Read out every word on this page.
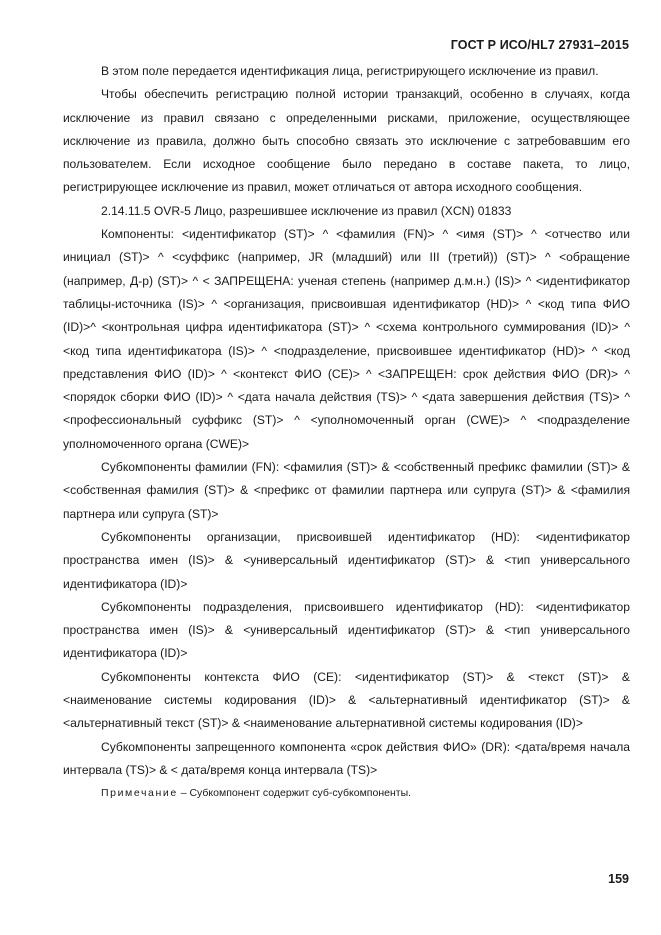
ГОСТ Р ИСО/HL7 27931–2015

В этом поле передается идентификация лица, регистрирующего исключение из правил.

Чтобы обеспечить регистрацию полной истории транзакций, особенно в случаях, когда исключение из правил связано с определенными рисками, приложение, осуществляющее исключение из правила, должно быть способно связать это исключение с затребовавшим его пользователем. Если исходное сообщение было передано в составе пакета, то лицо, регистрирующее исключение из правил, может отличаться от автора исходного сообщения.

2.14.11.5 OVR-5 Лицо, разрешившее исключение из правил (XCN) 01833

Компоненты: <идентификатор (ST)> ^ <фамилия (FN)> ^ <имя (ST)> ^ <отчество или инициал (ST)> ^ <суффикс (например, JR (младший) или III (третий)) (ST)> ^ <обращение (например, Д-р) (ST)> ^ < ЗАПРЕЩЕНА: ученая степень (например д.м.н.) (IS)> ^ <идентификатор таблицы-источника (IS)> ^ <организация, присвоившая идентификатор (HD)> ^ <код типа ФИО (ID)>^ <контрольная цифра идентификатора (ST)> ^ <схема контрольного суммирования (ID)> ^ <код типа идентификатора (IS)> ^ <подразделение, присвоившее идентификатор (HD)> ^ <код представления ФИО (ID)> ^ <контекст ФИО (CE)> ^ <ЗАПРЕЩЕН: срок действия ФИО (DR)> ^ <порядок сборки ФИО (ID)> ^ <дата начала действия (TS)> ^ <дата завершения действия (TS)> ^ <профессиональный суффикс (ST)> ^ <уполномоченный орган (CWE)> ^ <подразделение уполномоченного органа (CWE)>

Субкомпоненты фамилии (FN): <фамилия (ST)> & <собственный префикс фамилии (ST)> & <собственная фамилия (ST)> & <префикс от фамилии партнера или супруга (ST)> & <фамилия партнера или супруга (ST)>

Субкомпоненты организации, присвоившей идентификатор (HD): <идентификатор пространства имен (IS)> & <универсальный идентификатор (ST)> & <тип универсального идентификатора (ID)>

Субкомпоненты подразделения, присвоившего идентификатор (HD): <идентификатор пространства имен (IS)> & <универсальный идентификатор (ST)> & <тип универсального идентификатора (ID)>

Субкомпоненты контекста ФИО (CE): <идентификатор (ST)> & <текст (ST)> & <наименование системы кодирования (ID)> & <альтернативный идентификатор (ST)> & <альтернативный текст (ST)> & <наименование альтернативной системы кодирования (ID)>

Субкомпоненты запрещенного компонента «срок действия ФИО» (DR): <дата/время начала интервала (TS)> & < дата/время конца интервала (TS)>

Примечание – Субкомпонент содержит суб-субкомпоненты.

159
